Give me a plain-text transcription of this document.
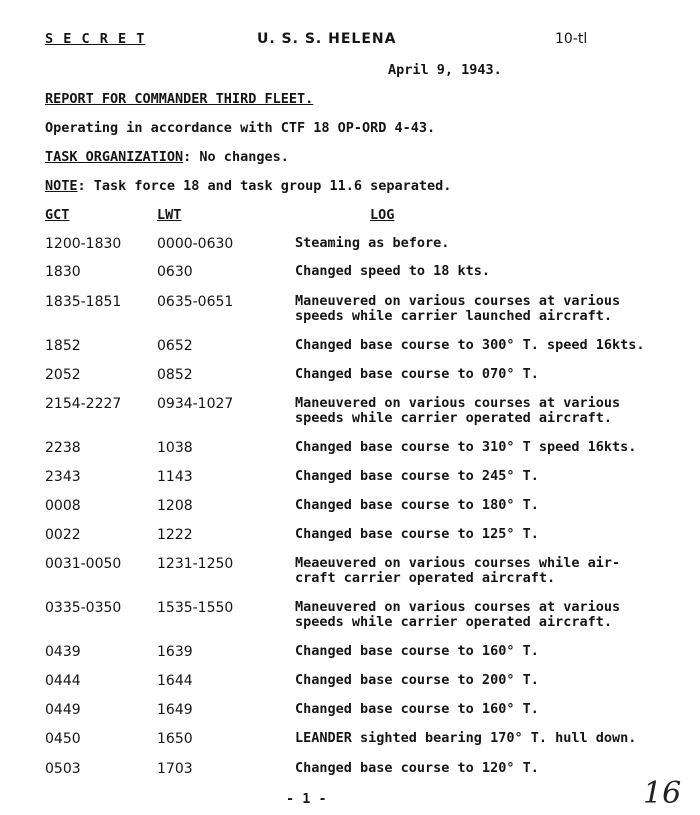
S E C R E T	U. S. S. HELENA	10-tl
April 9, 1943.
REPORT FOR COMMANDER THIRD FLEET.
Operating in accordance with CTF 18 OP-ORD 4-43.
TASK ORGANIZATION: No changes.
NOTE: Task force 18 and task group 11.6 separated.
GCT	LWT	LOG
1200-1830	0000-0630	Steaming as before.
1830	0630	Changed speed to 18 kts.
1835-1851	0635-0651	Maneuvered on various courses at various
speeds while carrier launched aircraft.
1852	0652	Changed base course to 300° T. speed 16kts.
2052	0852	Changed base course to 070° T.
2154-2227	0934-1027	Maneuvered on various courses at various
speeds while carrier operated aircraft.
2238	1038	Changed base course to 310° T speed 16kts.
2343	1143	Changed base course to 245° T.
0008	1208	Changed base course to 180° T.
0022	1222	Changed base course to 125° T.
0031-0050	1231-1250	Meaeuvered on various courses while air-
craft carrier operated aircraft.
0335-0350	1535-1550	Maneuvered on various courses at various
speeds while carrier operated aircraft.
0439	1639	Changed base course to 160° T.
0444	1644	Changed base course to 200° T.
0449	1649	Changed base course to 160° T.
0450	1650	LEANDER sighted bearing 170° T. hull down.
0503	1703	Changed base course to 120° T.
- 1 -	16
